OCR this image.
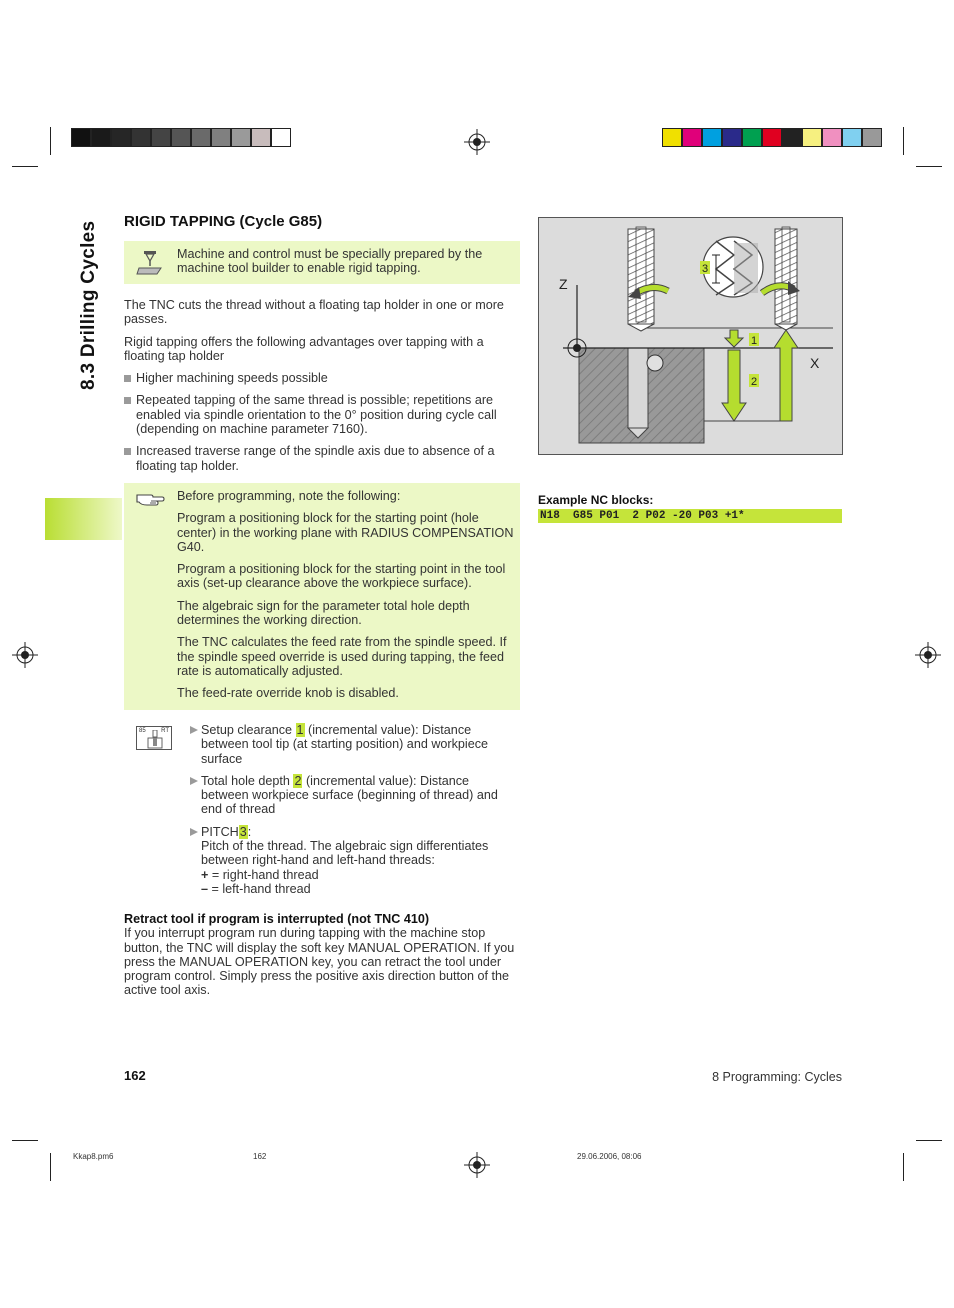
8.3 Drilling Cycles RIGID TAPPING (Cycle G85)
Machine and control must be specially prepared by the
machine tool builder to enable rigid tapping.

The TNC cuts the thread without a floating tap holder in one or more passes.

Rigid tapping offers the following advantages over tapping with a floating tap holder

Higher machining speeds possible
Repeated tapping of the same thread is possible; repetitions are enabled via spindle orientation to the 0° position during cycle call (depending on machine parameter 7160).
Increased traverse range of the spindle axis due to absence of a floating tap holder.

Before programming, note the following:

Program a positioning block for the starting point (hole center) in the working plane with RADIUS COMPENSATION G40.

Program a positioning block for the starting point in the tool axis (set-up clearance above the workpiece surface).

The algebraic sign for the parameter total hole depth determines the working direction.

The TNC calculates the feed rate from the spindle speed. If the spindle speed override is used during tapping, the feed rate is automatically adjusted.

The feed-rate override knob is disabled.

85	RT	Setup clearance 1 (incremental value): Distance between tool tip (at starting position) and workpiece surface
Total hole depth 2 (incremental value): Distance between workpiece surface (beginning of thread) and end of thread
PITCH3:
Pitch of the thread. The algebraic sign differentiates between right-hand and left-hand threads:
+ = right-hand thread
– = left-hand thread
Retract tool if program is interrupted (not TNC 410)
If you interrupt program run during tapping with the machine stop button, the TNC will display the soft key MANUAL OPERATION. If you press the MANUAL OPERATION key, you can retract the tool under program control. Simply press the positive axis direction button of the active tool axis.
Z
X
1
2
3
Example NC blocks:
N18  G85 P01  2 P02 -20 P03 +1*
162	8 Programming: Cycles
Kkap8.pm6	162	29.06.2006, 08:06
